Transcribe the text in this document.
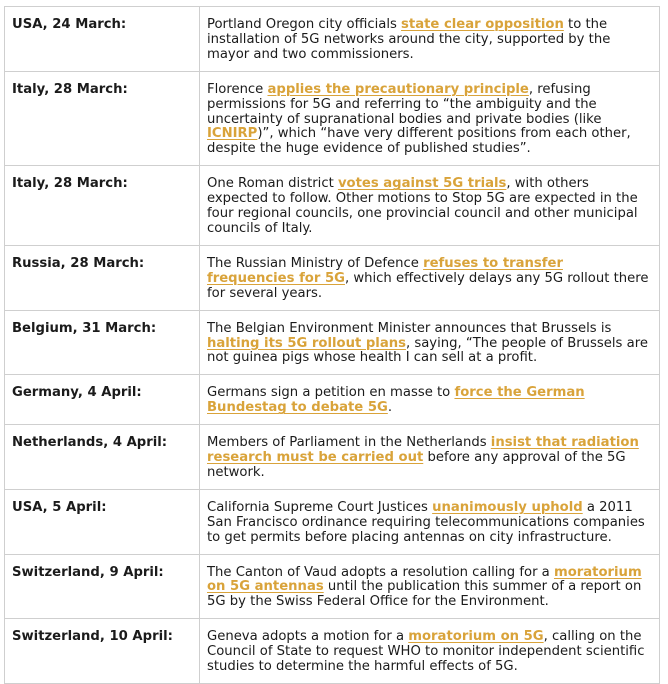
USA, 24 March:	Portland Oregon city officials state clear opposition to the installation of 5G networks around the city, supported by the mayor and two commissioners.
Italy, 28 March:	Florence applies the precautionary principle, refusing permissions for 5G and referring to “the ambiguity and the uncertainty of supranational bodies and private bodies (like ICNIRP)”, which “have very different positions from each other, despite the huge evidence of published studies”.
Italy, 28 March:	One Roman district votes against 5G trials, with others expected to follow. Other motions to Stop 5G are expected in the four regional councils, one provincial council and other municipal councils of Italy.
Russia, 28 March:	The Russian Ministry of Defence refuses to transfer frequencies for 5G, which effectively delays any 5G rollout there for several years.
Belgium, 31 March:	The Belgian Environment Minister announces that Brussels is halting its 5G rollout plans, saying, “The people of Brussels are not guinea pigs whose health I can sell at a profit.
Germany, 4 April:	Germans sign a petition en masse to force the German Bundestag to debate 5G.
Netherlands, 4 April:	Members of Parliament in the Netherlands insist that radiation research must be carried out before any approval of the 5G network.
USA, 5 April:	California Supreme Court Justices unanimously uphold a 2011 San Francisco ordinance requiring telecommunications companies to get permits before placing antennas on city infrastructure.
Switzerland, 9 April:	The Canton of Vaud adopts a resolution calling for a moratorium on 5G antennas until the publication this summer of a report on 5G by the Swiss Federal Office for the Environment.
Switzerland, 10 April:	Geneva adopts a motion for a moratorium on 5G, calling on the Council of State to request WHO to monitor independent scientific studies to determine the harmful effects of 5G.
